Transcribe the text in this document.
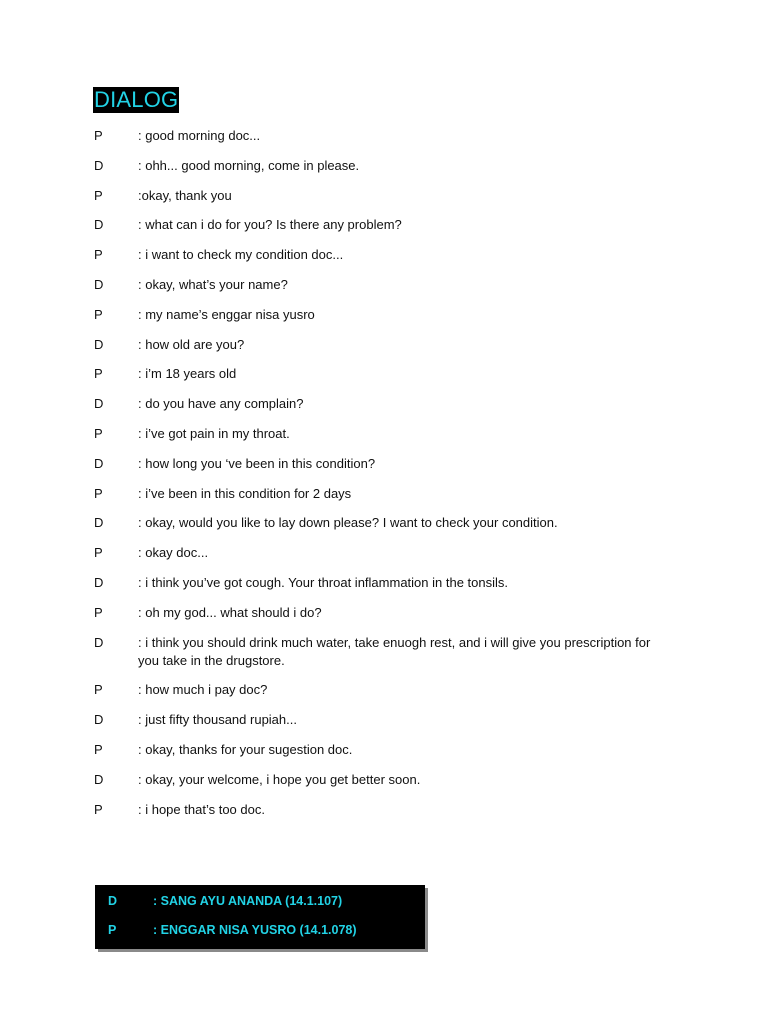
DIALOG
P	: good morning doc...
D	: ohh... good morning, come in please.
P	:okay, thank you
D	: what can i do for you? Is there any problem?
P	: i want to check my condition doc...
D	: okay, what’s your name?
P	: my name’s enggar nisa yusro
D	: how old are you?
P	: i’m 18 years old
D	: do you have any complain?
P	: i’ve got pain in my throat.
D	: how long you ‘ve been in this condition?
P	: i’ve been in this condition for 2 days
D	: okay, would you like to lay down please? I want to check your condition.
P	: okay doc...
D	: i think you’ve got cough. Your throat inflammation in the tonsils.
P	: oh my god... what should i do?
D	: i think you should drink much water, take enuogh rest, and i will give you prescription for you take in the drugstore.
P	: how much i pay doc?
D	: just fifty thousand rupiah...
P	: okay, thanks for your sugestion doc.
D	: okay, your welcome, i hope you get better soon.
P	: i hope that’s too doc.
D	: SANG AYU ANANDA (14.1.107)
P	: ENGGAR NISA YUSRO (14.1.078)
